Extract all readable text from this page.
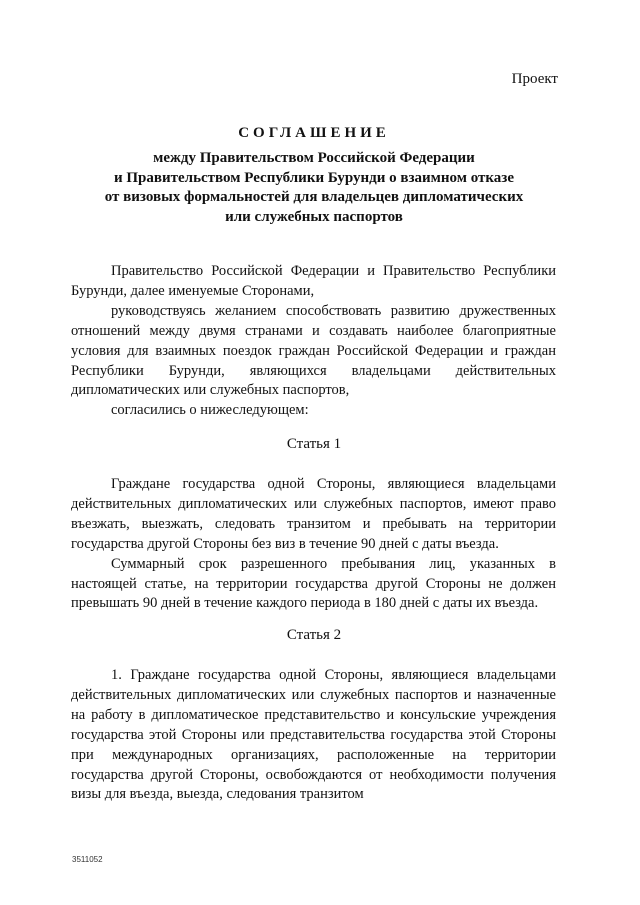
Проект
СОГЛАШЕНИЕ
между Правительством Российской Федерации
и Правительством Республики Бурунди о взаимном отказе
от визовых формальностей для владельцев дипломатических
или служебных паспортов
Правительство Российской Федерации и Правительство Республики Бурунди, далее именуемые Сторонами,
руководствуясь желанием способствовать развитию дружественных отношений между двумя странами и создавать наиболее благоприятные условия для взаимных поездок граждан Российской Федерации и граждан Республики Бурунди, являющихся владельцами действительных дипломатических или служебных паспортов,
согласились о нижеследующем:
Статья 1
Граждане государства одной Стороны, являющиеся владельцами действительных дипломатических или служебных паспортов, имеют право въезжать, выезжать, следовать транзитом и пребывать на территории государства другой Стороны без виз в течение 90 дней с даты въезда.
Суммарный срок разрешенного пребывания лиц, указанных в настоящей статье, на территории государства другой Стороны не должен превышать 90 дней в течение каждого периода в 180 дней с даты их въезда.
Статья 2
1. Граждане государства одной Стороны, являющиеся владельцами действительных дипломатических или служебных паспортов и назначенные на работу в дипломатическое представительство и консульские учреждения государства этой Стороны или представительства государства этой Стороны при международных организациях, расположенные на территории государства другой Стороны, освобождаются от необходимости получения визы для въезда, выезда, следования транзитом
3511052
